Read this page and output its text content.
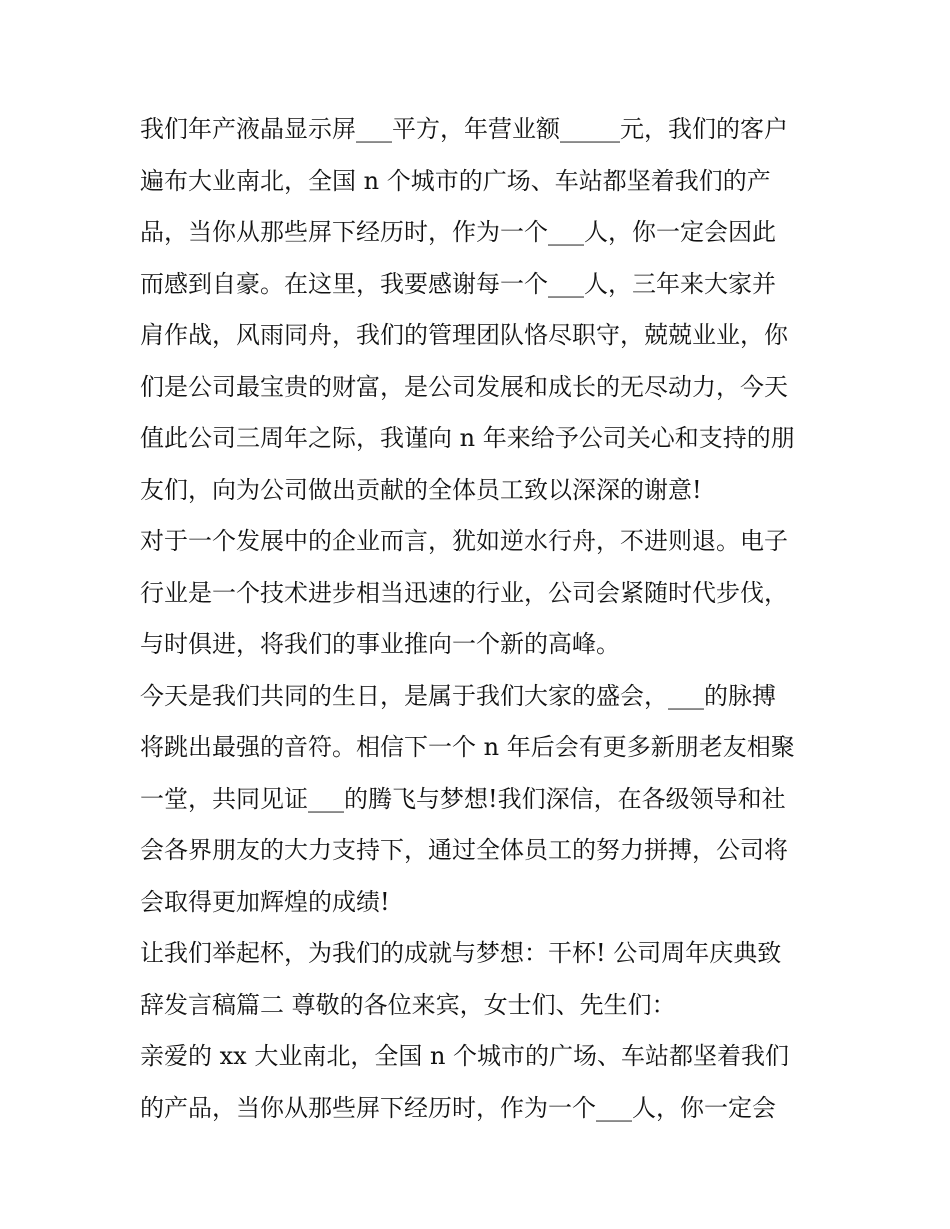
我们年产液晶显示屏___平方，年营业额_____元，我们的客户
遍布大业南北，全国 n 个城市的广场、车站都坚着我们的产
品，当你从那些屏下经历时，作为一个___人，你一定会因此
而感到自豪。在这里，我要感谢每一个___人，三年来大家并
肩作战，风雨同舟，我们的管理团队恪尽职守，兢兢业业，你
们是公司最宝贵的财富，是公司发展和成长的无尽动力，今天
值此公司三周年之际，我谨向 n 年来给予公司关心和支持的朋
友们，向为公司做出贡献的全体员工致以深深的谢意!
对于一个发展中的企业而言，犹如逆水行舟，不进则退。电子
行业是一个技术进步相当迅速的行业，公司会紧随时代步伐，
与时俱进，将我们的事业推向一个新的高峰。
今天是我们共同的生日，是属于我们大家的盛会，___的脉搏
将跳出最强的音符。相信下一个 n 年后会有更多新朋老友相聚
一堂，共同见证___的腾飞与梦想!我们深信，在各级领导和社
会各界朋友的大力支持下，通过全体员工的努力拼搏，公司将
会取得更加辉煌的成绩!
让我们举起杯，为我们的成就与梦想：干杯! 公司周年庆典致
辞发言稿篇二 尊敬的各位来宾，女士们、先生们：
亲爱的 xx 大业南北，全国 n 个城市的广场、车站都坚着我们
的产品，当你从那些屏下经历时，作为一个___人，你一定会
